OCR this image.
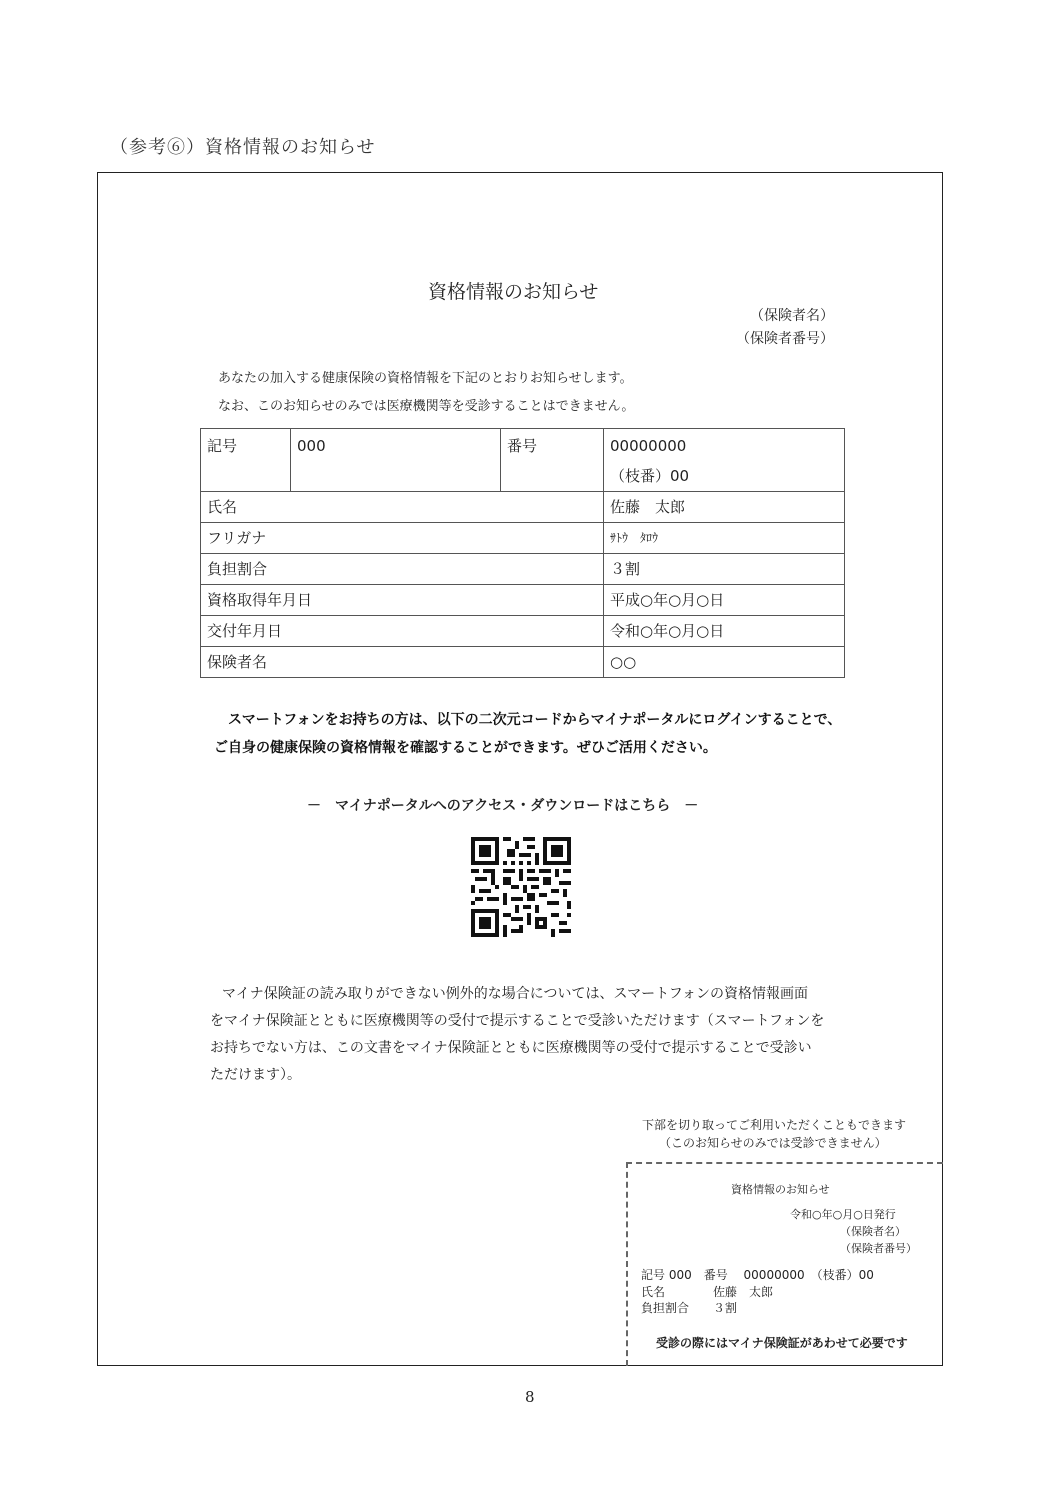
（参考⑥）資格情報のお知らせ
資格情報のお知らせ
（保険者名）
（保険者番号）
あなたの加入する健康保険の資格情報を下記のとおりお知らせします。
なお、このお知らせのみでは医療機関等を受診することはできません。
記号	000	番号	00000000
（枝番）00

氏名			佐藤　太郎
フリガナ			ｻﾄｳ　ﾀﾛｳ
負担割合			３割
資格取得年月日			平成○年○月○日
交付年月日			令和○年○月○日
保険者名			○○
スマートフォンをお持ちの方は、以下の二次元コードからマイナポータルにログインすることで、
ご自身の健康保険の資格情報を確認することができます。ぜひご活用ください。
－　マイナポータルへのアクセス・ダウンロードはこちら　－
マイナ保険証の読み取りができない例外的な場合については、スマートフォンの資格情報画面
をマイナ保険証とともに医療機関等の受付で提示することで受診いただけます（スマートフォンを
お持ちでない方は、この文書をマイナ保険証とともに医療機関等の受付で提示することで受診い
ただけます）。
下部を切り取ってご利用いただくこともできます
（このお知らせのみでは受診できません）
資格情報のお知らせ
令和○年○月○日発行
（保険者名）
（保険者番号）
記号 000　番号　 00000000　（枝番）00
氏名　　　　佐藤　太郎
負担割合　　３割
受診の際にはマイナ保険証があわせて必要です
8
